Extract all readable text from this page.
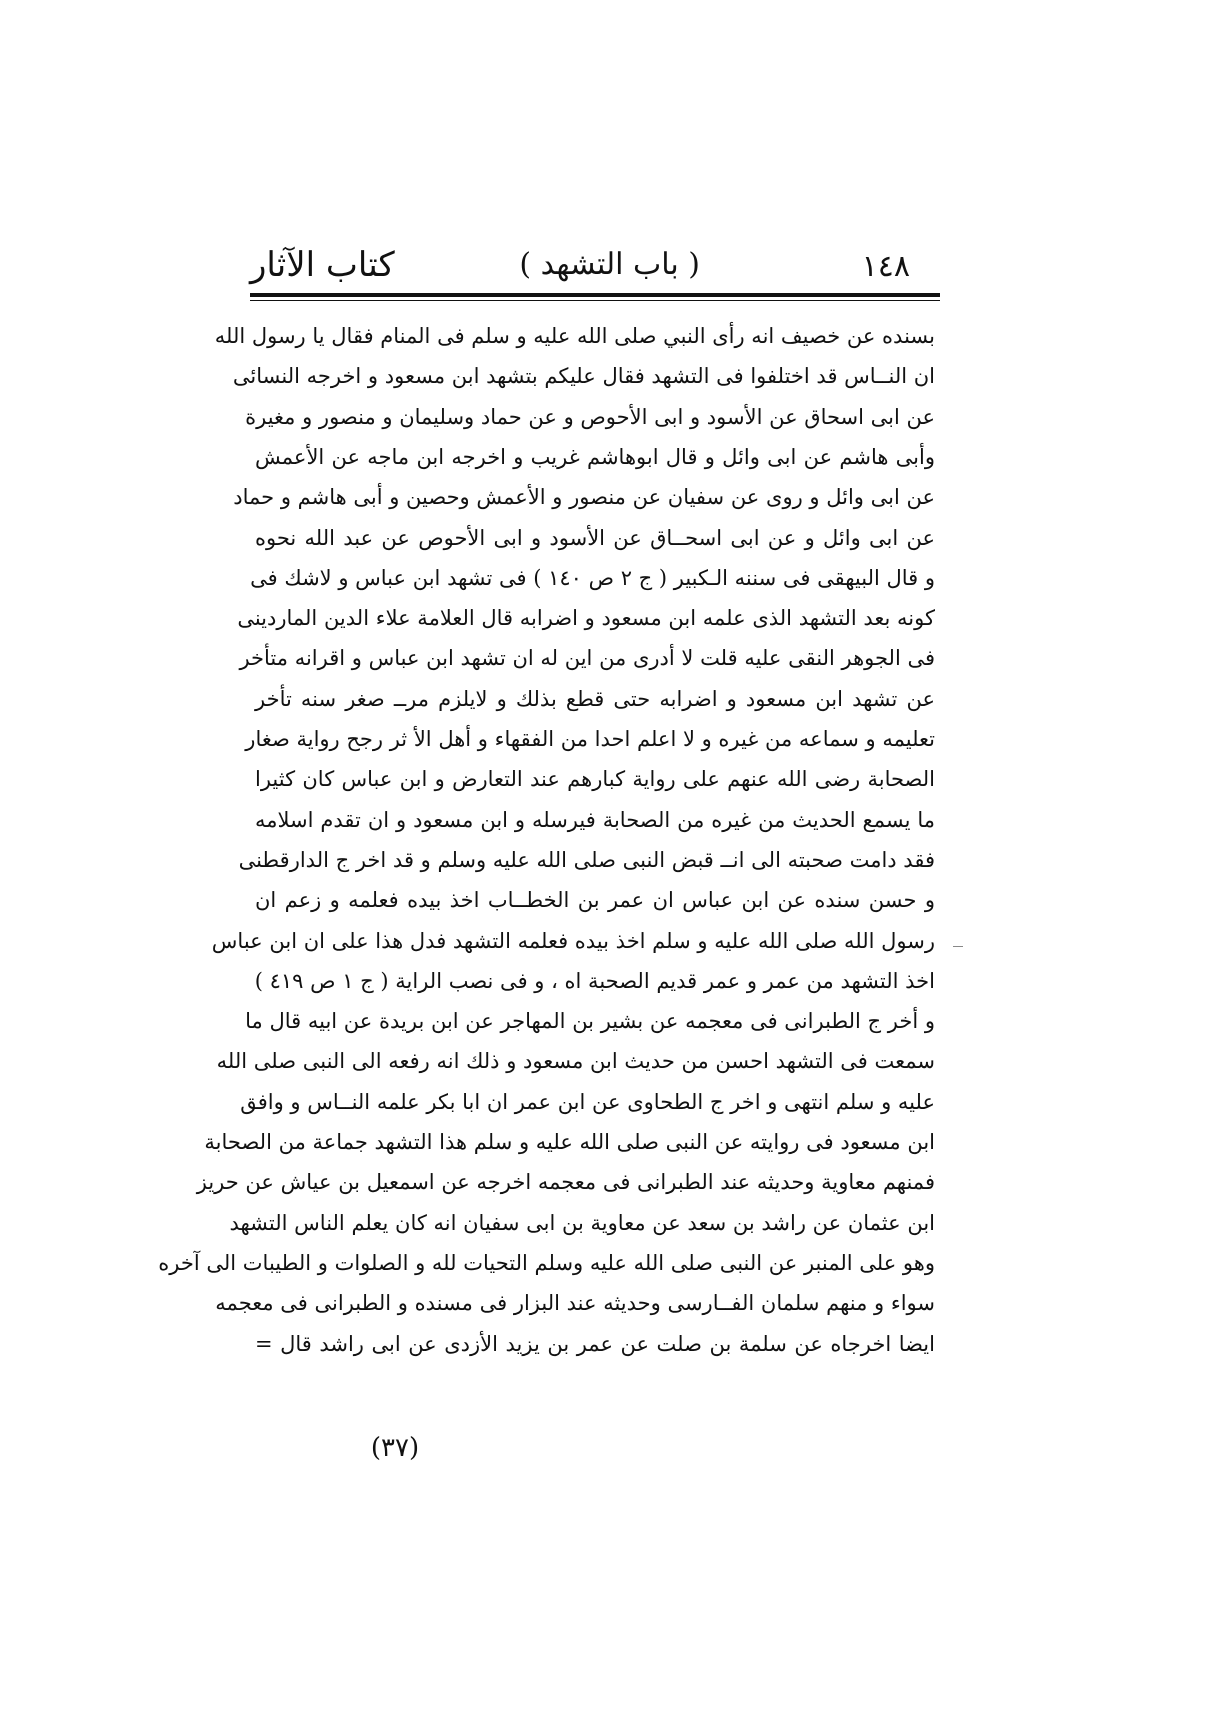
كتاب الآثار	( باب التشهد )	١٤٨
بسنده عن خصيف انه رأى النبي صلى الله عليه و سلم فى المنام فقال يا رسول الله
ان النــاس قد اختلفوا فى التشهد فقال عليكم بتشهد ابن مسعود و اخرجه النسائى
عن ابى اسحاق عن الأسود و ابى الأحوص و عن حماد وسليمان و منصور و مغيرة
وأبى هاشم عن ابى وائل و قال ابوهاشم غريب و اخرجه ابن ماجه عن الأعمش
عن ابى وائل و روى عن سفيان عن منصور و الأعمش وحصين و أبى هاشم و حماد
عن ابى وائل و عن ابى اسحــاق عن الأسود و ابى الأحوص عن عبد الله نحوه
و قال البيهقى فى سننه الـكبير ( ج ٢ ص ١٤٠ ) فى تشهد ابن عباس و لاشك فى
كونه بعد التشهد الذى علمه ابن مسعود و اضرابه قال العلامة علاء الدين الماردينى
فى الجوهر النقى عليه قلت لا أدرى من اين له ان تشهد ابن عباس و اقرانه متأخر
عن تشهد ابن مسعود و اضرابه حتى قطع بذلك و لايلزم مر‍ــ صغر سنه تأخر
تعليمه و سماعه من غيره و لا اعلم احدا من الفقهاء و أهل الأ ثر رجح رواية صغار
الصحابة رضى الله عنهم على رواية كبارهم عند التعارض و ابن عباس كان كثيرا
ما يسمع الحديث من غيره من الصحابة فيرسله و ابن مسعود و ان تقدم اسلامه
فقد دامت صحبته الى ان‍ــ قبض النبى صلى الله عليه وسلم و قد اخر ج الدارقطنى
و حسن سنده عن ابن عباس ان عمر بن الخطــاب اخذ بيده فعلمه و زعم ان
رسول الله صلى الله عليه و سلم اخذ بيده فعلمه التشهد فدل هذا على ان ابن عباس
اخذ التشهد من عمر و عمر قديم الصحبة اه ، و فى نصب الراية ( ج ١ ص ٤١٩ )
و أخر ج الطبرانى فى معجمه عن بشير بن المهاجر عن ابن بريدة عن ابيه قال ما
سمعت فى التشهد احسن من حديث ابن مسعود و ذلك انه رفعه الى النبى صلى الله
عليه و سلم انتهى و اخر ج الطحاوى عن ابن عمر ان ابا بكر علمه النــاس و وافق
ابن مسعود فى روايته عن النبى صلى الله عليه و سلم هذا التشهد جماعة من الصحابة
فمنهم معاوية وحديثه عند الطبرانى فى معجمه اخرجه عن اسمعيل بن عياش عن حريز
ابن عثمان عن راشد بن سعد عن معاوية بن ابى سفيان انه كان يعلم الناس التشهد
وهو على المنبر عن النبى صلى الله عليه وسلم التحيات لله و الصلوات و الطيبات الى آخره
سواء و منهم سلمان الفــارسى وحديثه عند البزار فى مسنده و الطبرانى فى معجمه
ايضا اخرجاه عن سلمة بن صلت عن عمر بن يزيد الأزدى عن ابى راشد قال =
(٣٧)
